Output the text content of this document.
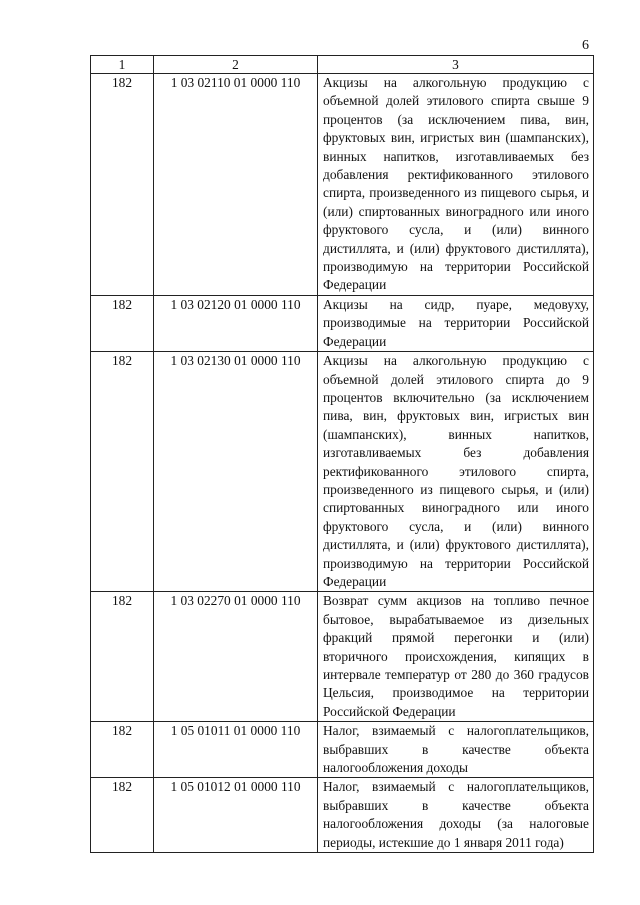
6
1	2	3
182	1 03 02110 01 0000 110	Акцизы на алкогольную продукцию с объемной долей этилового спирта свыше 9 процентов (за исключением пива, вин, фруктовых вин, игристых вин (шампанских), винных напитков, изготавливаемых без добавления ректификованного этилового спирта, произведенного из пищевого сырья, и (или) спиртованных виноградного или иного фруктового сусла, и (или) винного дистиллята, и (или) фруктового дистиллята), производимую на территории Российской Федерации
182	1 03 02120 01 0000 110	Акцизы на сидр, пуаре, медовуху, производимые на территории Российской Федерации
182	1 03 02130 01 0000 110	Акцизы на алкогольную продукцию с объемной долей этилового спирта до 9 процентов включительно (за исключением пива, вин, фруктовых вин, игристых вин (шампанских), винных напитков, изготавливаемых без добавления ректификованного этилового спирта, произведенного из пищевого сырья, и (или) спиртованных виноградного или иного фруктового сусла, и (или) винного дистиллята, и (или) фруктового дистиллята), производимую на территории Российской Федерации
182	1 03 02270 01 0000 110	Возврат сумм акцизов на топливо печное бытовое, вырабатываемое из дизельных фракций прямой перегонки и (или) вторичного происхождения, кипящих в интервале температур от 280 до 360 градусов Цельсия, производимое на территории Российской Федерации
182	1 05 01011 01 0000 110	Налог, взимаемый с налогоплательщиков, выбравших в качестве объекта налогообложения доходы
182	1 05 01012 01 0000 110	Налог, взимаемый с налогоплательщиков, выбравших в качестве объекта налогообложения доходы (за налоговые периоды, истекшие до 1 января 2011 года)
